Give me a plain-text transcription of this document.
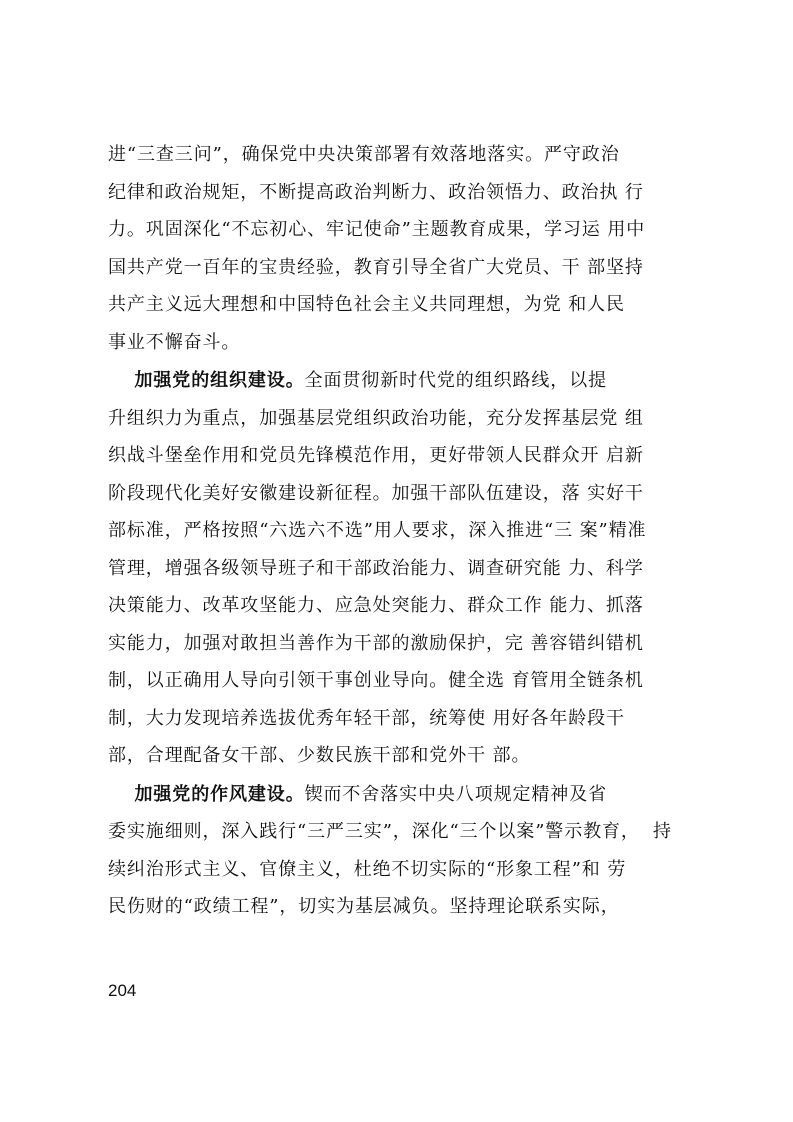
进“三查三问”，确保党中央决策部署有效落地落实。严守政治
纪律和政治规矩，不断提高政治判断力、政治领悟力、政治执 行
力。巩固深化“不忘初心、牢记使命”主题教育成果，学习运 用中
国共产党一百年的宝贵经验，教育引导全省广大党员、干 部坚持
共产主义远大理想和中国特色社会主义共同理想，为党 和人民
事业不懈奋斗。
加强党的组织建设。全面贯彻新时代党的组织路线，以提
升组织力为重点，加强基层党组织政治功能，充分发挥基层党 组
织战斗堡垒作用和党员先锋模范作用，更好带领人民群众开 启新
阶段现代化美好安徽建设新征程。加强干部队伍建设，落 实好干
部标准，严格按照“六选六不选”用人要求，深入推进“三 案”精准
管理，增强各级领导班子和干部政治能力、调查研究能 力、科学
决策能力、改革攻坚能力、应急处突能力、群众工作 能力、抓落
实能力，加强对敢担当善作为干部的激励保护，完 善容错纠错机
制，以正确用人导向引领干事创业导向。健全选 育管用全链条机
制，大力发现培养选拔优秀年轻干部，统筹使 用好各年龄段干
部，合理配备女干部、少数民族干部和党外干 部。
加强党的作风建设。锲而不舍落实中央八项规定精神及省
委实施细则，深入践行“三严三实”，深化“三个以案”警示教育，  持
续纠治形式主义、官僚主义，杜绝不切实际的“形象工程”和 劳
民伤财的“政绩工程”，切实为基层减负。坚持理论联系实际，
204
